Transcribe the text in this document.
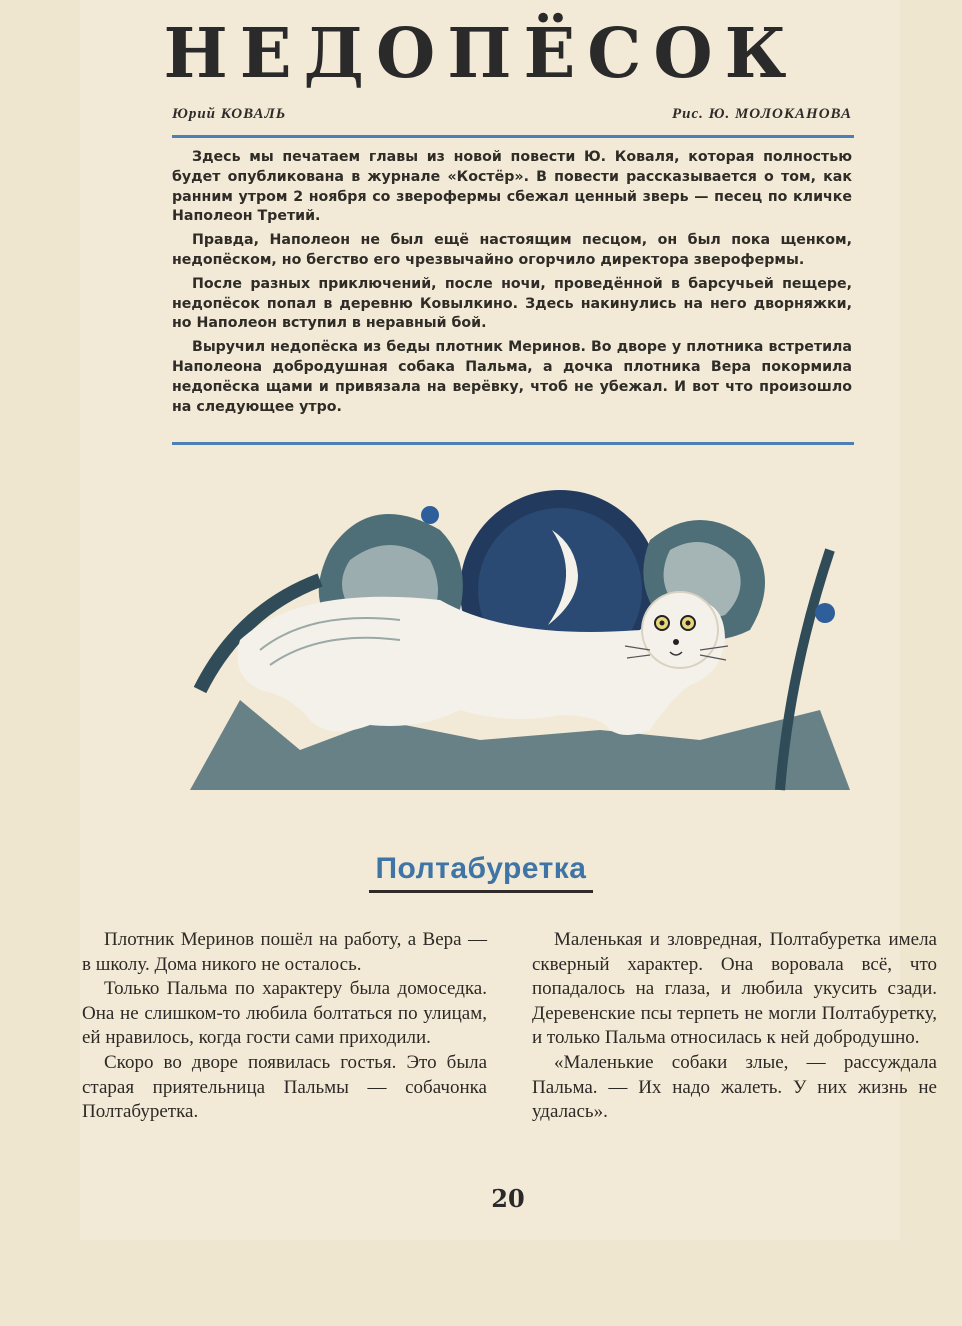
НЕДОПЁСОК
Юрий КОВАЛЬ	Рис. Ю. МОЛОКАНОВА

Здесь мы печатаем главы из новой повести Ю. Коваля, которая полностью будет опубликована в журнале «Костёр». В повести рассказывается о том, как ранним утром 2 ноября со зверофермы сбежал ценный зверь — песец по кличке Наполеон Третий.

Правда, Наполеон не был ещё настоящим песцом, он был пока щенком, недопёском, но бегство его чрезвычайно огорчило директора зверофермы.

После разных приключений, после ночи, проведённой в барсучьей пещере, недопёсок попал в деревню Ковылкино. Здесь накинулись на него дворняжки, но Наполеон вступил в неравный бой.

Выручил недопёска из беды плотник Меринов. Во дворе у плотника встретила Наполеона добродушная собака Пальма, а дочка плотника Вера покормила недопёска щами и привязала на верёвку, чтоб не убежал. И вот что произошло на следующее утро.

Полтабуретка

Плотник Меринов пошёл на работу, а Вера — в школу. Дома никого не осталось.

Только Пальма по характеру была домоседка. Она не слишком-то любила болтаться по улицам, ей нравилось, когда гости сами приходили.

Скоро во дворе появилась гостья. Это была старая приятельница Пальмы — собачонка Полтабуретка.

Маленькая и зловредная, Полтабуретка имела скверный характер. Она воровала всё, что попадалось на глаза, и любила укусить сзади. Деревенские псы терпеть не могли Полтабуретку, и только Пальма относилась к ней добродушно.

«Маленькие собаки злые, — рассуждала Пальма. — Их надо жалеть. У них жизнь не удалась».

20
